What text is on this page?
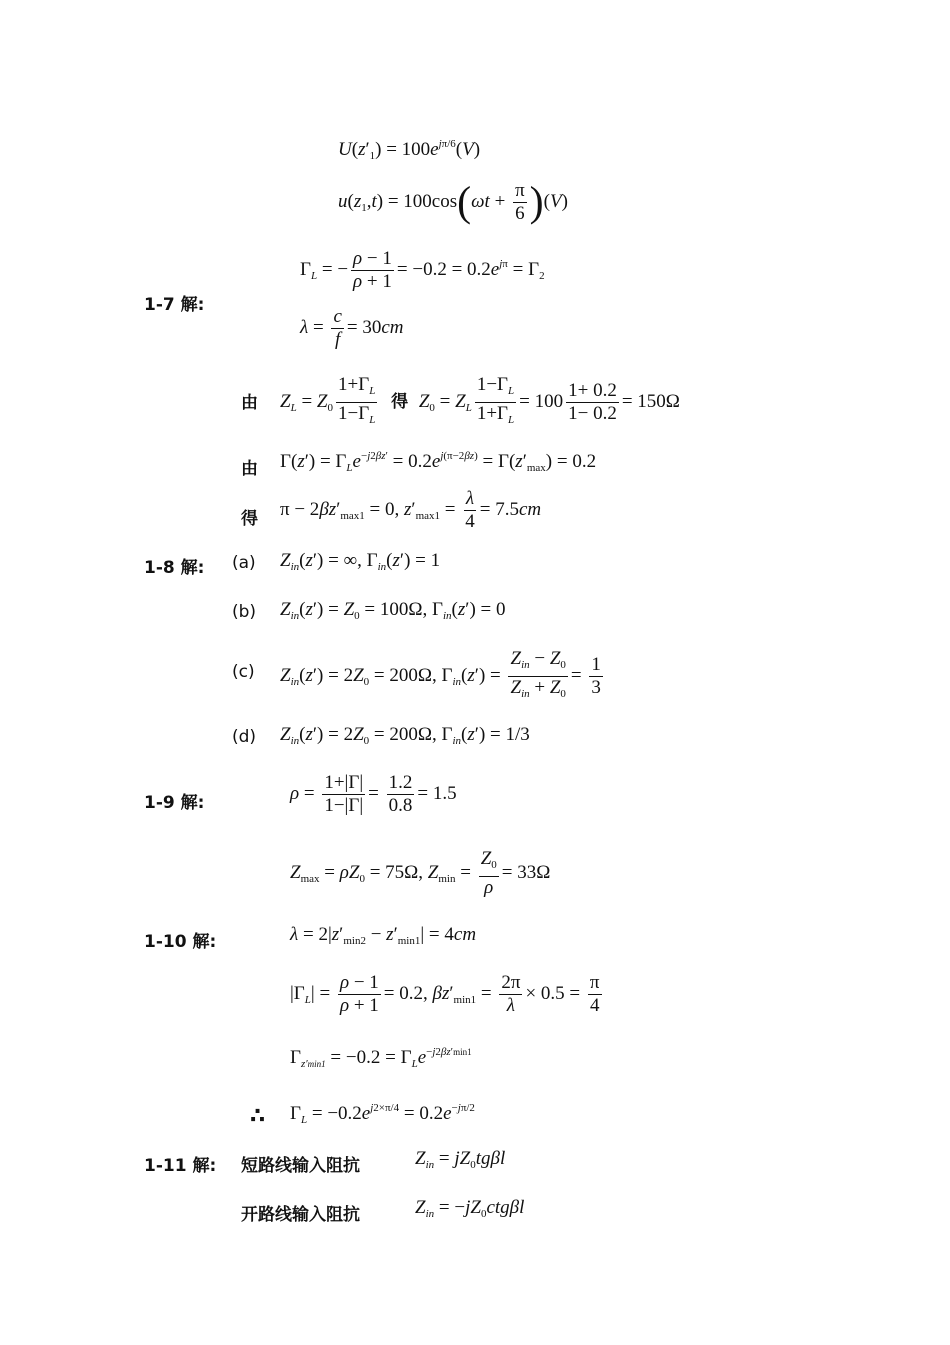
$U(z'_1) = 100e^{j\pi/6}(V)$
$u(z_1,t) = 100\cos(\omega t + \frac{\pi}{6} )(V)$
1-7 解:
$\Gamma_L$ = − $\frac{\rho - 1}{\rho + 1} = -0.2 = 0.2e^{j\pi} = \Gamma_2$
$\lambda = \frac{c}{f} = 30cm$
由 $Z_L = Z_0 \frac{1+\Gamma_L}{1-\Gamma_L}$ 得 $Z_0 = Z_L \frac{1-\Gamma_L}{1+\Gamma_L} = 100 \frac{1+ 0.2}{1- 0.2} = 150\Omega$
由 $\Gamma(z') = \Gamma_Le^{-j2\beta z'} = 0.2e^{j(\pi-2\beta z)} = \Gamma(z'_{max}) = 0.2$
得 $\pi - 2\beta z'_{max1} = 0$, $z'_{max1} = \frac{\lambda}{4} = 7.5cm$
1-8 解: (a) $Z_{in}(z')$ = ∞, $\Gamma_{in}(z') = 1$
(b) $Z_{in}(z') = Z_0 = 100\Omega$, $\Gamma_{in}(z') = 0$
(c) $Z_{in}(z') = 2Z_0 = 200\Omega$, $\Gamma_{in}(z') = \frac{Z_{in} - Z_0}{Z_{in} + Z_0} = \frac{1}{3}$
(d) $Z_{in}(z') = 2Z_0 = 200\Omega$, $\Gamma_{in}(z') = 1/3$
1-9 解:	$\rho = \frac{1+|\Gamma|}{1-|\Gamma|} = \frac{1.2}{0.8} = 1.5$
$Z_{max} = \rho Z_0 = 75\Omega$, $Z_{min} = \frac{Z_0}{\rho} = 33\Omega$
1-10 解:	$\lambda = 2|z'_{min2} - z'_{min1}| = 4cm$
$|\Gamma_L| = \frac{\rho - 1}{\rho + 1} = 0.2$, $\beta z'_{min1} = \frac{2\pi}{\lambda} \times 0.5 = \frac{\pi}{4}$
$\Gamma_{z'min1} = -0.2 = \Gamma_Le^{-j2\beta z'min1}$
∴ $\Gamma_L = -0.2e^{j2\times\pi/4} = 0.2e^{-j\pi/2}$
1-11 解: 短路线输入阻抗	$Z_{in} = jZ_0tg\beta l$
开路线输入阻抗	$Z_{in} = -jZ_0ctg\beta l$
